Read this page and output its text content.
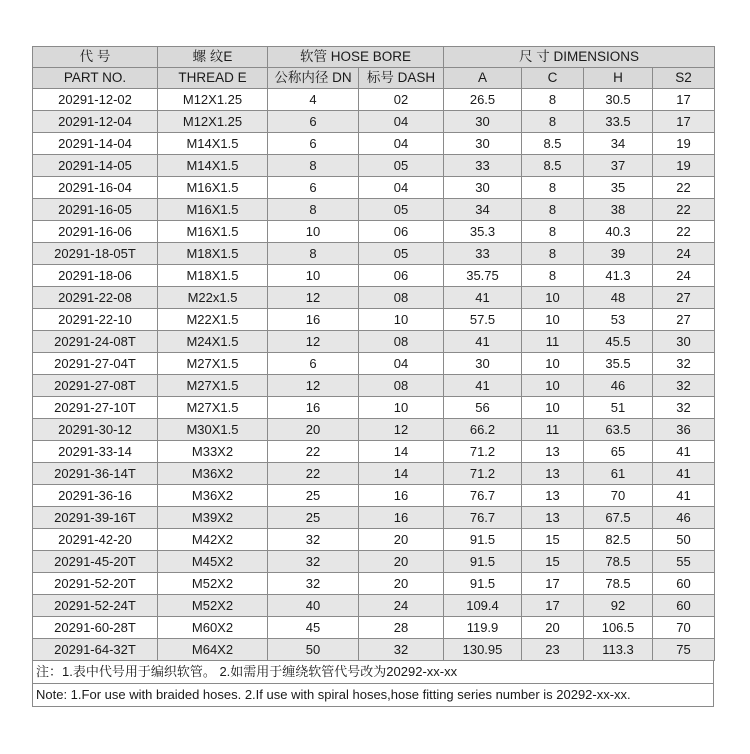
代 号	螺 纹E	软管 HOSE BORE		尺 寸 DIMENSIONS			
PART NO.	THREAD E	公称内径 DN	标号 DASH	A	C	H	S2
20291-12-02	M12X1.25	4	02	26.5	8	30.5	17
20291-12-04	M12X1.25	6	04	30	8	33.5	17
20291-14-04	M14X1.5	6	04	30	8.5	34	19
20291-14-05	M14X1.5	8	05	33	8.5	37	19
20291-16-04	M16X1.5	6	04	30	8	35	22
20291-16-05	M16X1.5	8	05	34	8	38	22
20291-16-06	M16X1.5	10	06	35.3	8	40.3	22
20291-18-05T	M18X1.5	8	05	33	8	39	24
20291-18-06	M18X1.5	10	06	35.75	8	41.3	24
20291-22-08	M22x1.5	12	08	41	10	48	27
20291-22-10	M22X1.5	16	10	57.5	10	53	27
20291-24-08T	M24X1.5	12	08	41	11	45.5	30
20291-27-04T	M27X1.5	6	04	30	10	35.5	32
20291-27-08T	M27X1.5	12	08	41	10	46	32
20291-27-10T	M27X1.5	16	10	56	10	51	32
20291-30-12	M30X1.5	20	12	66.2	11	63.5	36
20291-33-14	M33X2	22	14	71.2	13	65	41
20291-36-14T	M36X2	22	14	71.2	13	61	41
20291-36-16	M36X2	25	16	76.7	13	70	41
20291-39-16T	M39X2	25	16	76.7	13	67.5	46
20291-42-20	M42X2	32	20	91.5	15	82.5	50
20291-45-20T	M45X2	32	20	91.5	15	78.5	55
20291-52-20T	M52X2	32	20	91.5	17	78.5	60
20291-52-24T	M52X2	40	24	109.4	17	92	60
20291-60-28T	M60X2	45	28	119.9	20	106.5	70
20291-64-32T	M64X2	50	32	130.95	23	113.3	75
注：1.表中代号用于编织软管。 2.如需用于缠绕软管代号改为20292-xx-xx
Note: 1.For use with braided hoses. 2.If use with spiral hoses,hose fitting series number is 20292-xx-xx.
